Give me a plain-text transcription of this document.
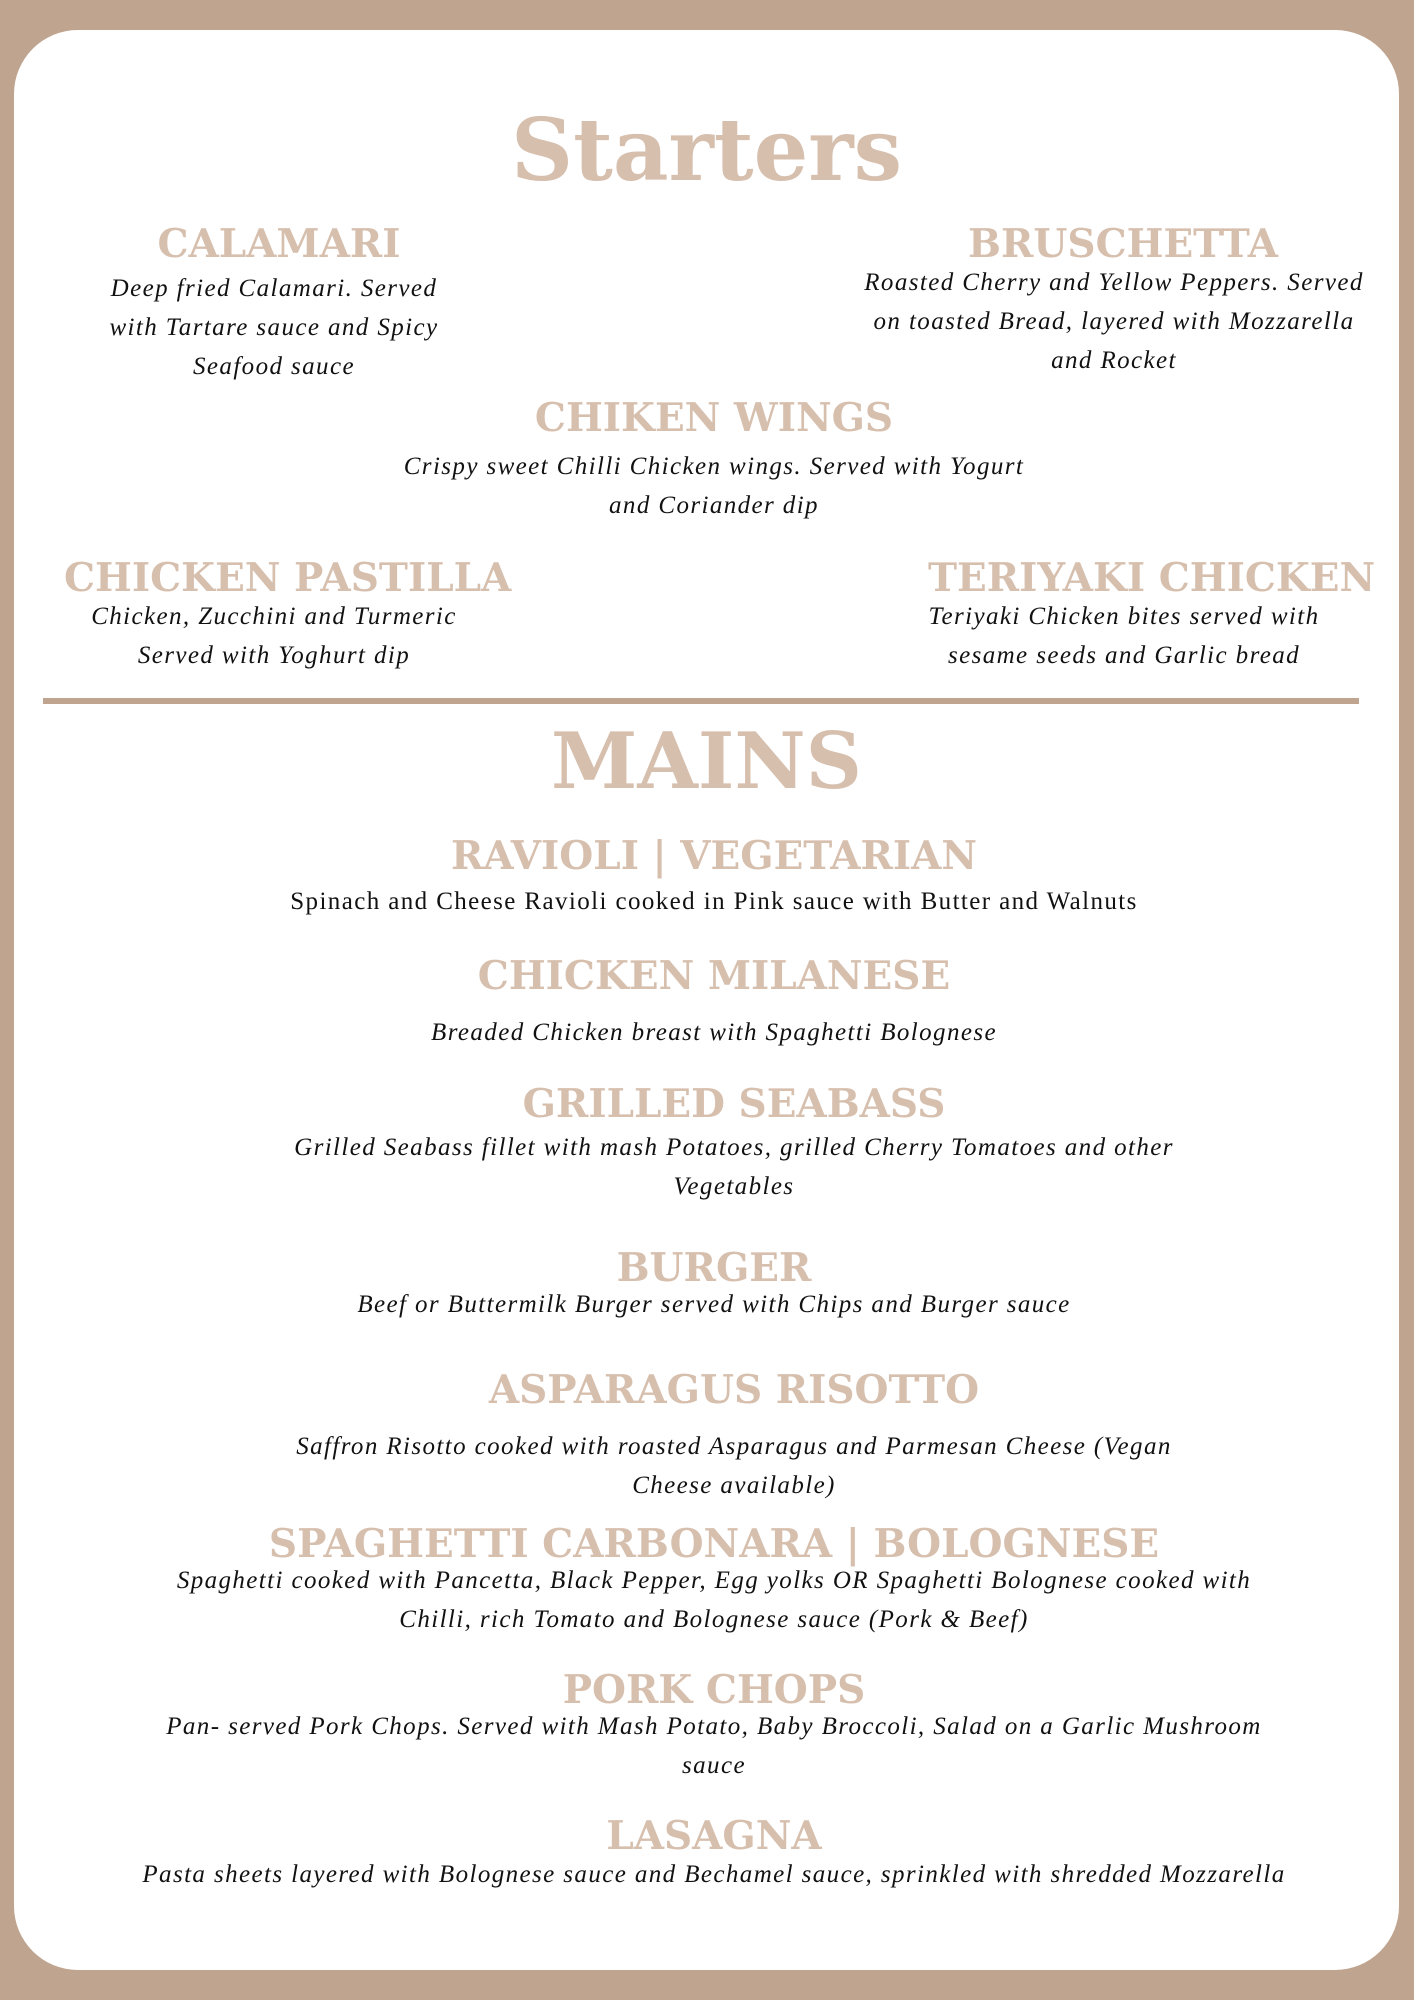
Starters
CALAMARI
Deep fried Calamari. Served with Tartare sauce and Spicy Seafood sauce
BRUSCHETTA
Roasted Cherry and Yellow Peppers. Served on toasted Bread, layered with Mozzarella and Rocket
CHIKEN WINGS
Crispy sweet Chilli Chicken wings. Served with Yogurt and Coriander dip
CHICKEN PASTILLA
Chicken, Zucchini and Turmeric Served with Yoghurt dip
TERIYAKI CHICKEN
Teriyaki Chicken bites served with sesame seeds and Garlic bread
MAINS
RAVIOLI | VEGETARIAN
Spinach and Cheese Ravioli cooked in Pink sauce with Butter and Walnuts
CHICKEN MILANESE
Breaded Chicken breast with Spaghetti Bolognese
GRILLED SEABASS
Grilled Seabass fillet with mash Potatoes, grilled Cherry Tomatoes and other Vegetables
BURGER
Beef or Buttermilk Burger served with Chips and Burger sauce
ASPARAGUS RISOTTO
Saffron Risotto cooked with roasted Asparagus and Parmesan Cheese (Vegan Cheese available)
SPAGHETTI CARBONARA | BOLOGNESE
Spaghetti cooked with Pancetta, Black Pepper, Egg yolks OR Spaghetti Bolognese cooked with Chilli, rich Tomato and Bolognese sauce (Pork & Beef)
PORK CHOPS
Pan- served Pork Chops. Served with Mash Potato, Baby Broccoli, Salad on a Garlic Mushroom sauce
LASAGNA
Pasta sheets layered with Bolognese sauce and Bechamel sauce, sprinkled with shredded Mozzarella
